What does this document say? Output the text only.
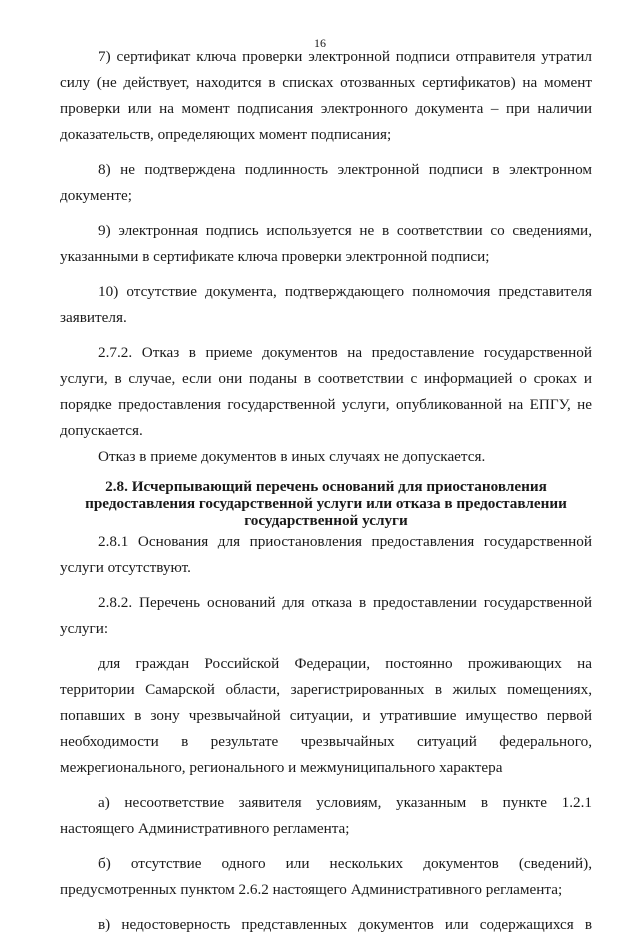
16

7) сертификат ключа проверки электронной подписи отправителя утратил силу (не действует, находится в списках отозванных сертификатов) на момент проверки или на момент подписания электронного документа – при наличии доказательств, определяющих момент подписания;

8) не подтверждена подлинность электронной подписи в электронном документе;

9) электронная подпись используется не в соответствии со сведениями, указанными в сертификате ключа проверки электронной подписи;

10) отсутствие документа, подтверждающего полномочия представителя заявителя.

2.7.2. Отказ в приеме документов на предоставление государственной услуги, в случае, если они поданы в соответствии с информацией о сроках и порядке предоставления государственной услуги, опубликованной на ЕПГУ, не допускается.

Отказ в приеме документов в иных случаях не допускается.

2.8. Исчерпывающий перечень оснований для приостановления
предоставления государственной услуги или отказа в предоставлении
государственной услуги

2.8.1 Основания для приостановления предоставления государственной услуги отсутствуют.

2.8.2. Перечень оснований для отказа в предоставлении государственной услуги:

для граждан Российской Федерации, постоянно проживающих на территории Самарской области, зарегистрированных в жилых помещениях, попавших в зону чрезвычайной ситуации, и утратившие имущество первой необходимости в результате чрезвычайных ситуаций федерального, межрегионального, регионального и межмуниципального характера

а) несоответствие заявителя условиям, указанным в пункте 1.2.1 настоящего Административного регламента;

б) отсутствие одного или нескольких документов (сведений), предусмотренных пунктом 2.6.2 настоящего Административного регламента;

в) недостоверность представленных документов или содержащихся в
